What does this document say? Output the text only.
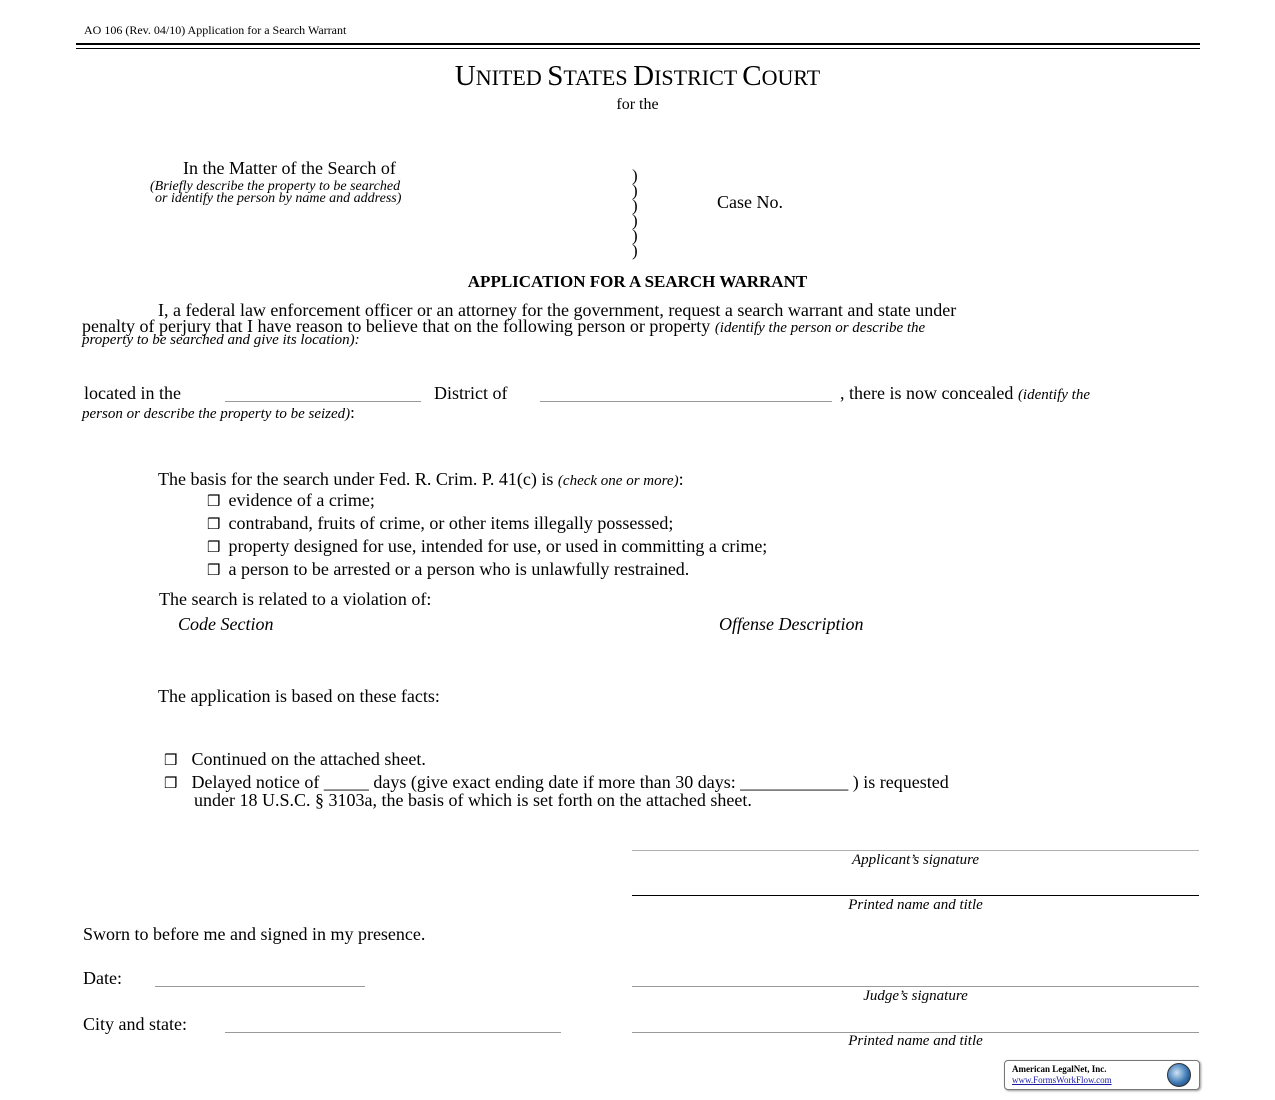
AO 106 (Rev. 04/10) Application for a Search Warrant
UNITED STATES DISTRICT COURT
for the
In the Matter of the Search of
(Briefly describe the property to be searched
or identify the person by name and address)
)
)
)
)
)
)
Case No.
APPLICATION FOR A SEARCH WARRANT
I, a federal law enforcement officer or an attorney for the government, request a search warrant and state under
penalty of perjury that I have reason to believe that on the following person or property (identify the person or describe the
property to be searched and give its location):
located in the	District of	, there is now concealed (identify the
person or describe the property to be seized):
The basis for the search under Fed. R. Crim. P. 41(c) is (check one or more):
❒ evidence of a crime;
❒ contraband, fruits of crime, or other items illegally possessed;
❒ property designed for use, intended for use, or used in committing a crime;
❒ a person to be arrested or a person who is unlawfully restrained.
The search is related to a violation of:
Code Section	Offense Description
The application is based on these facts:
❒ Continued on the attached sheet.
❒ Delayed notice of _____ days (give exact ending date if more than 30 days: ____________ ) is requested
under 18 U.S.C. § 3103a, the basis of which is set forth on the attached sheet.
Applicant’s signature
Printed name and title
Sworn to before me and signed in my presence.
Date:
Judge’s signature
City and state:
Printed name and title
American LegalNet, Inc.
www.FormsWorkFlow.com
